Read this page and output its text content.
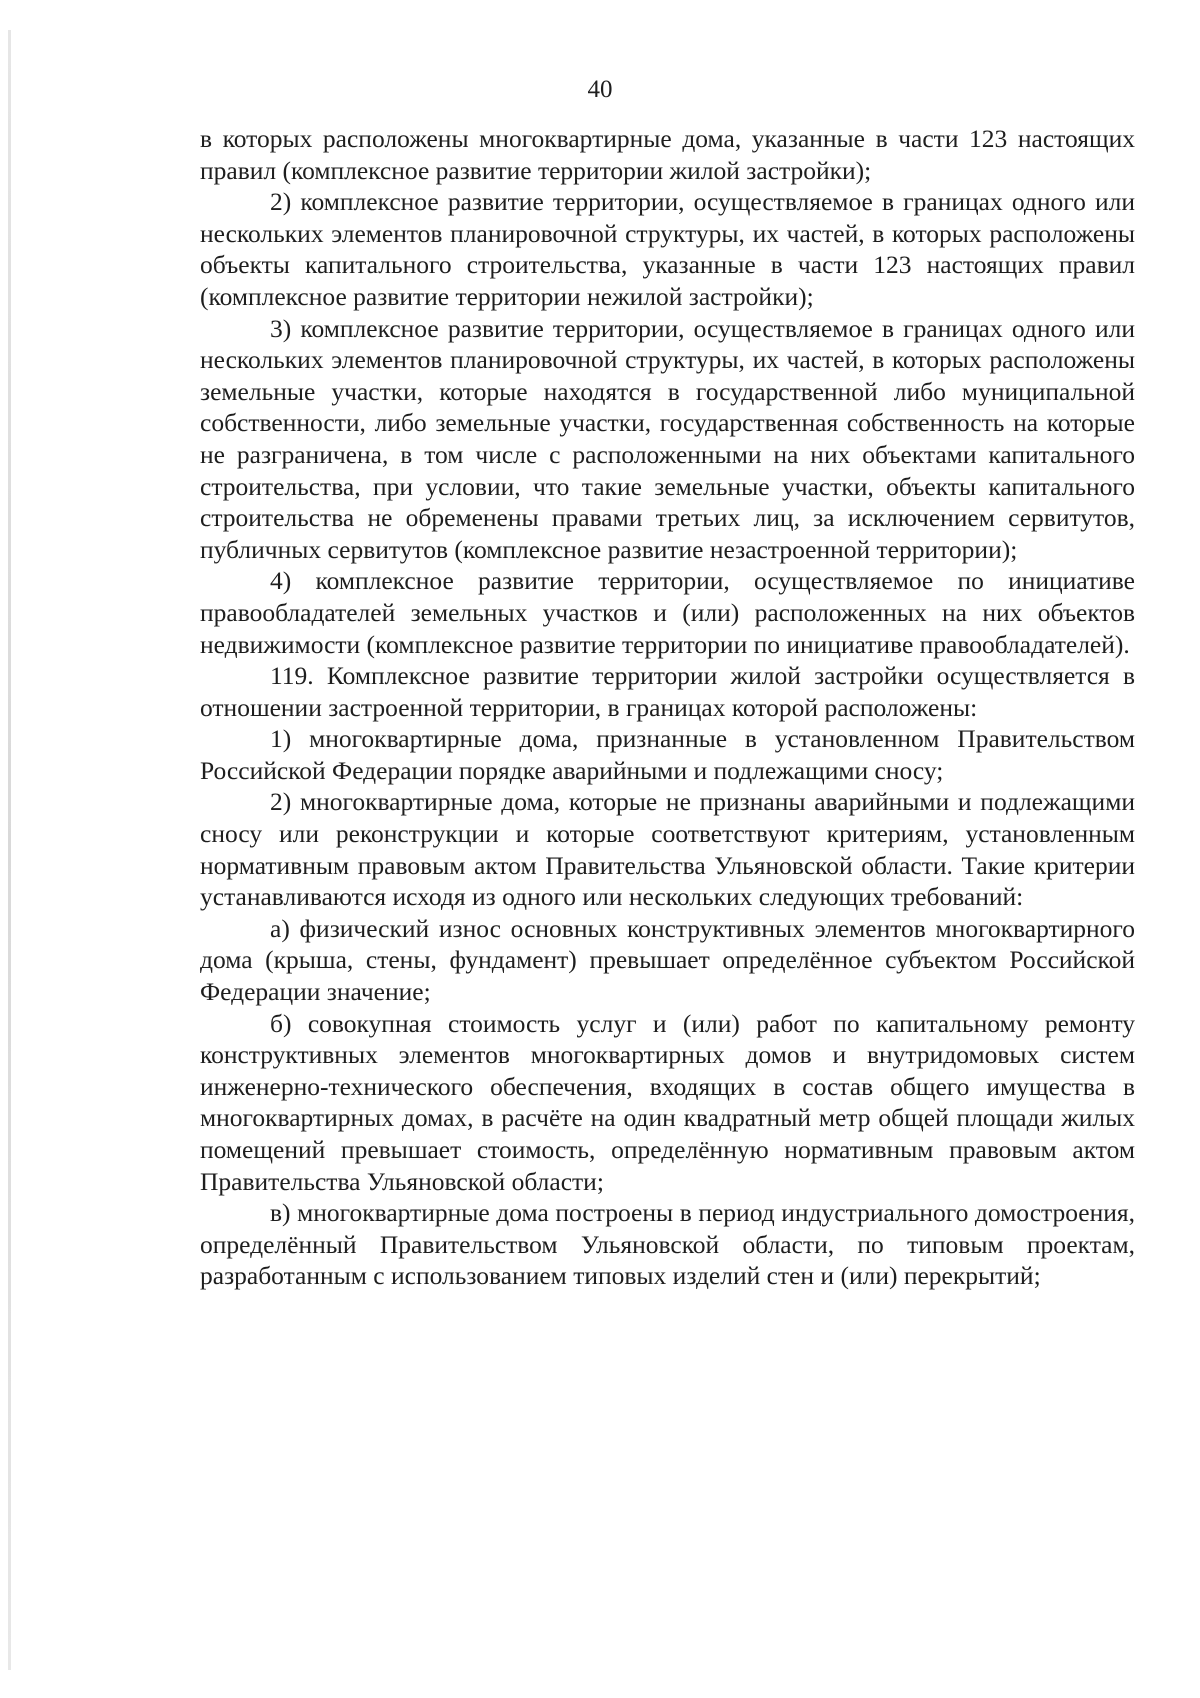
40

в которых расположены многоквартирные дома, указанные в части 123 настоящих правил (комплексное развитие территории жилой застройки);

2) комплексное развитие территории, осуществляемое в границах одного или нескольких элементов планировочной структуры, их частей, в которых расположены объекты капитального строительства, указанные в части 123 настоящих правил (комплексное развитие территории нежилой застройки);

3) комплексное развитие территории, осуществляемое в границах одного или нескольких элементов планировочной структуры, их частей, в которых расположены земельные участки, которые находятся в государственной либо муниципальной собственности, либо земельные участки, государственная собственность на которые не разграничена, в том числе с расположенными на них объектами капитального строительства, при условии, что такие земельные участки, объекты капитального строительства не обременены правами третьих лиц, за исключением сервитутов, публичных сервитутов (комплексное развитие незастроенной территории);

4) комплексное развитие территории, осуществляемое по инициативе правообладателей земельных участков и (или) расположенных на них объектов недвижимости (комплексное развитие территории по инициативе правообладателей).

119. Комплексное развитие территории жилой застройки осуществляется в отношении застроенной территории, в границах которой расположены:

1) многоквартирные дома, признанные в установленном Правительством Российской Федерации порядке аварийными и подлежащими сносу;

2) многоквартирные дома, которые не признаны аварийными и подлежащими сносу или реконструкции и которые соответствуют критериям, установленным нормативным правовым актом Правительства Ульяновской области. Такие критерии устанавливаются исходя из одного или нескольких следующих требований:

а) физический износ основных конструктивных элементов многоквартирного дома (крыша, стены, фундамент) превышает определённое субъектом Российской Федерации значение;

б) совокупная стоимость услуг и (или) работ по капитальному ремонту конструктивных элементов многоквартирных домов и внутридомовых систем инженерно-технического обеспечения, входящих в состав общего имущества в многоквартирных домах, в расчёте на один квадратный метр общей площади жилых помещений превышает стоимость, определённую нормативным правовым актом Правительства Ульяновской области;

в) многоквартирные дома построены в период индустриального домостроения, определённый Правительством Ульяновской области, по типовым проектам, разработанным с использованием типовых изделий стен и (или) перекрытий;
